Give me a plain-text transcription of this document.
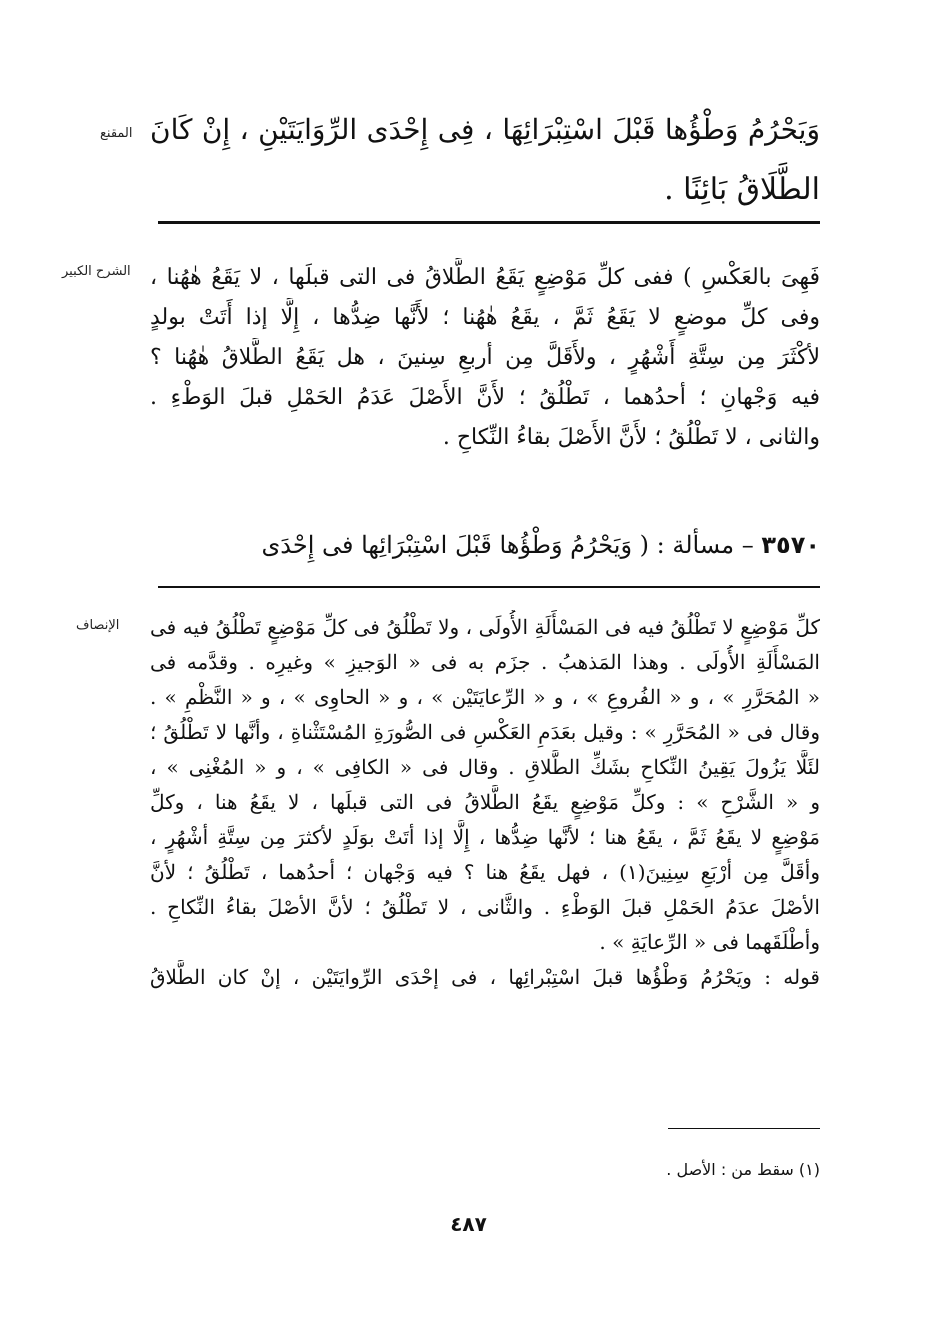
المقنع
الشرح الكبير
الإنصاف
وَيَحْرُمُ وَطْؤُها قَبْلَ اسْتِبْرَائِهَا ، فِى إِحْدَى الرِّوَايَتَيْنِ ، إِنْ كَانَ
الطَّلَاقُ بَائِنًا .
فَهِىَ بالعَكْسِ ) ففى كلِّ مَوْضِعٍ يَقَعُ الطَّلاقُ فى التى قبلَها ، لا يَقَعُ هٰهُنا ،
وفى كلِّ موضعٍ لا يَقَعُ ثَمَّ ، يقَعُ هٰهُنا ؛ لأَنَّها ضِدُّها ، إِلَّا إذا أَتَتْ بولدٍ
لأكْثَرَ مِن سِتَّةِ أَشْهُرٍ ، ولأَقَلَّ مِن أربعِ سِنينَ ، هل يَقَعُ الطَّلاقُ هٰهُنا ؟
فيه وَجْهانِ ؛ أحدُهما ، تَطْلُقُ ؛ لأَنَّ الأَصْلَ عَدَمُ الحَمْلِ قبلَ الوَطْءِ .
والثانى ، لا تَطْلُقُ ؛ لأَنَّ الأَصْلَ بقاءُ النِّكاحِ .
٣٥٧٠ – مسألة : ( وَيَحْرُمُ وَطْؤُها قَبْلَ اسْتِبْرَائِها فى إِحْدَى
كلِّ مَوْضِعٍ لا تَطْلُقُ فيه فى المَسْأَلَةِ الأُولَى ، ولا تَطْلُقُ فى كلِّ مَوْضِعٍ تَطْلُقُ فيه فى
المَسْأَلَةِ الأُولَى . وهذا المَذهبُ . جزَم به فى « الوَجيزِ » وغيرِه . وقدَّمه فى
« المُحَرَّرِ » ، و « الفُروعِ » ، و « الرِّعايَتَيْن » ، و « الحاوِى » ، و « النَّظْمِ » .
وقال فى « المُحَرَّرِ » : وقيل بعَدَمِ العَكْسِ فى الصُّورَةِ المُسْتَثْناةِ ، وأنَّها لا تَطْلُقُ ؛
لئَلَّا يَزُولَ يَقِينُ النِّكاحِ بشَكِّ الطَّلاقِ . وقال فى « الكافِى » ، و « المُغْنِى » ،
و « الشَّرْحِ » : وكلِّ مَوْضِعٍ يقَعُ الطَّلاقُ فى التى قبلَها ، لا يقَعُ هنا ، وكلِّ
مَوْضِعٍ لا يقَعُ ثَمَّ ، يقَعُ هنا ؛ لأنَّها ضِدُّها ، إِلَّا إذا أتَتْ بوَلَدٍ لأكثرَ مِن سِتَّةِ أشْهُرٍ ،
وأقَلَّ مِن أرْبَعِ سِنِينَ(١) ، فهل يقَعُ هنا ؟ فيه وَجْهان ؛ أحدُهما ، تَطْلُقُ ؛ لأنَّ
الأصْلَ عدَمُ الحَمْلِ قبلَ الوَطْءِ . والثَّانى ، لا تَطْلُقُ ؛ لأنَّ الأصْلَ بقاءُ النِّكاحِ .
وأطْلَقَهما فى « الرِّعايَةِ » .
قوله : ويَحْرُمُ وَطْؤُها قبلَ اسْتِبْرائِها ، فى إحْدَى الرِّوايَتَيْن ، إنْ كان الطَّلاقُ
(١) سقط من : الأصل .
٤٨٧
